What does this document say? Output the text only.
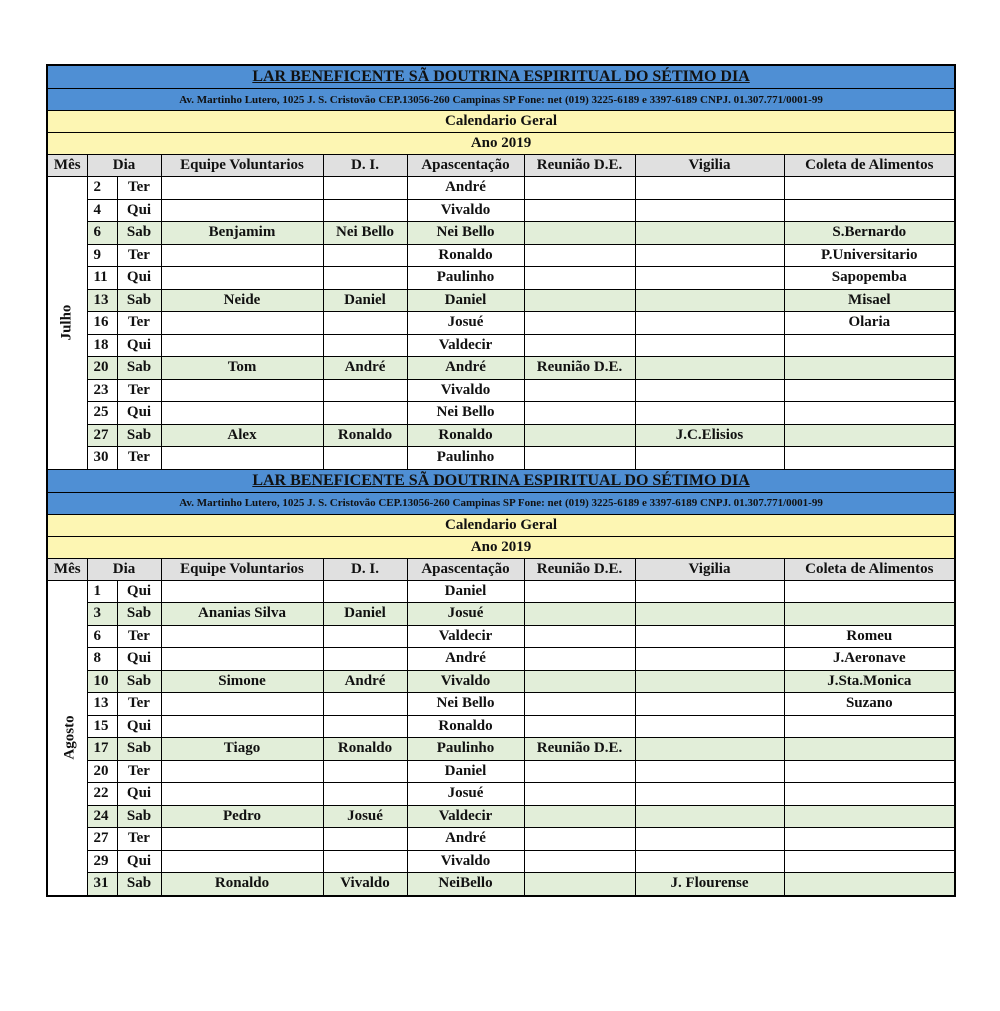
LAR BENEFICENTE SÃ DOUTRINA ESPIRITUAL DO SÉTIMO DIA								
Av. Martinho Lutero, 1025 J. S. Cristovão CEP.13056-260 Campinas SP Fone: net (019) 3225-6189 e 3397-6189 CNPJ. 01.307.771/0001-99								
Calendario Geral								
Ano 2019								
Mês	Dia		Equipe Voluntarios	D. I.	Apascentação	Reunião D.E.	Vigilia	Coleta de Alimentos
Julho	2	Ter			André			
	4	Qui			Vivaldo			
	6	Sab	Benjamim	Nei Bello	Nei Bello			S.Bernardo
	9	Ter			Ronaldo			P.Universitario
	11	Qui			Paulinho			Sapopemba
	13	Sab	Neide	Daniel	Daniel			Misael
	16	Ter			Josué			Olaria
	18	Qui			Valdecir			
	20	Sab	Tom	André	André	Reunião D.E.		
	23	Ter			Vivaldo			
	25	Qui			Nei Bello			
	27	Sab	Alex	Ronaldo	Ronaldo		J.C.Elisios	
	30	Ter			Paulinho			
LAR BENEFICENTE SÃ DOUTRINA ESPIRITUAL DO SÉTIMO DIA								
Av. Martinho Lutero, 1025 J. S. Cristovão CEP.13056-260 Campinas SP Fone: net (019) 3225-6189 e 3397-6189 CNPJ. 01.307.771/0001-99								
Calendario Geral								
Ano 2019								
Mês	Dia		Equipe Voluntarios	D. I.	Apascentação	Reunião D.E.	Vigilia	Coleta de Alimentos
Agosto	1	Qui			Daniel			
	3	Sab	Ananias Silva	Daniel	Josué			
	6	Ter			Valdecir			Romeu
	8	Qui			André			J.Aeronave
	10	Sab	Simone	André	Vivaldo			J.Sta.Monica
	13	Ter			Nei Bello			Suzano
	15	Qui			Ronaldo			
	17	Sab	Tiago	Ronaldo	Paulinho	Reunião D.E.		
	20	Ter			Daniel			
	22	Qui			Josué			
	24	Sab	Pedro	Josué	Valdecir			
	27	Ter			André			
	29	Qui			Vivaldo			
	31	Sab	Ronaldo	Vivaldo	NeiBello		J. Flourense	
